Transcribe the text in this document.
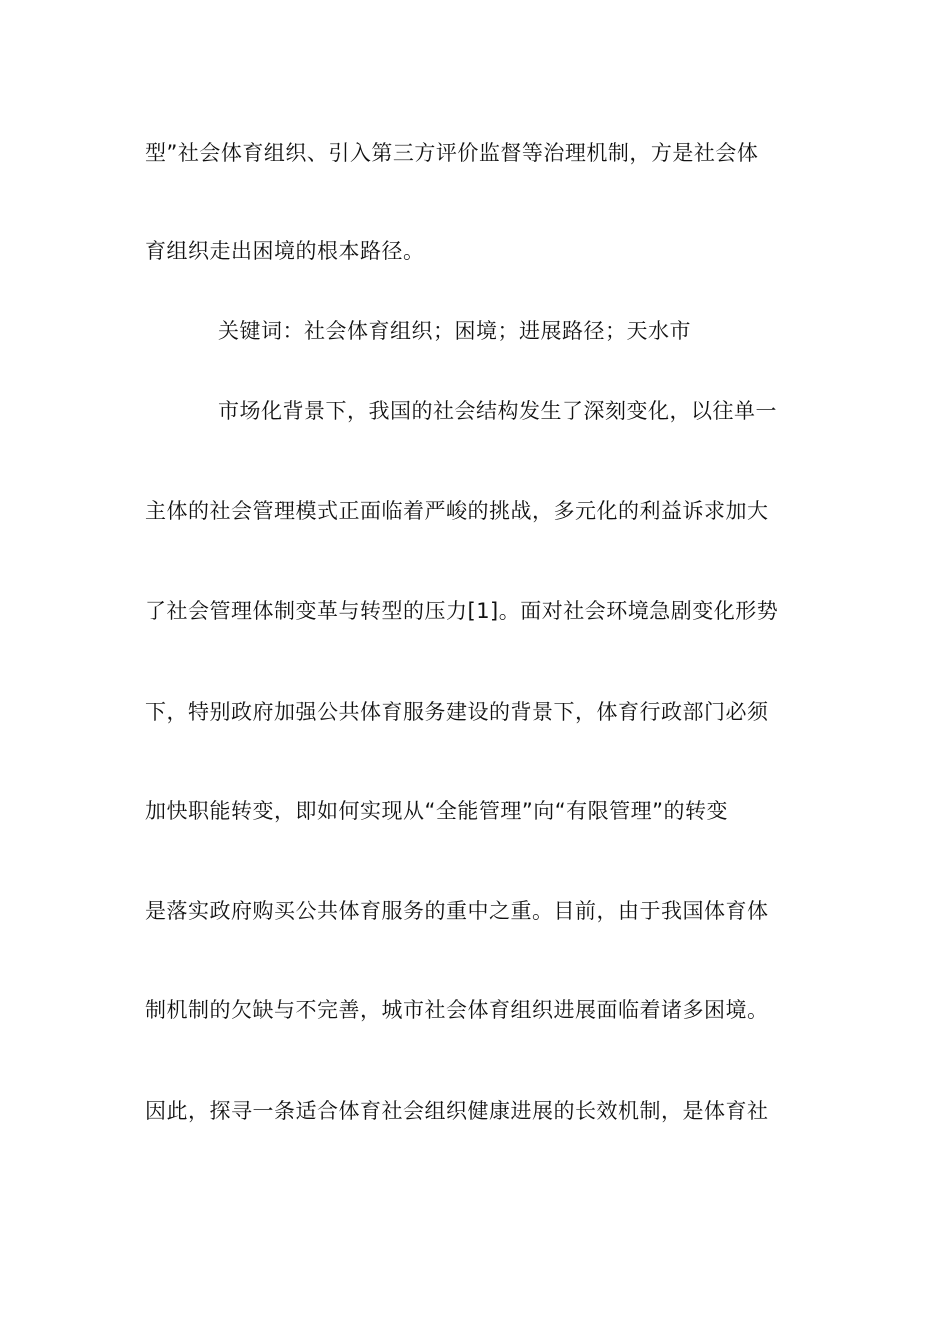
型”社会体育组织、引入第三方评价监督等治理机制，方是社会体
育组织走出困境的根本路径。
关键词：社会体育组织；困境；进展路径；天水市
市场化背景下，我国的社会结构发生了深刻变化，以往单一
主体的社会管理模式正面临着严峻的挑战，多元化的利益诉求加大
了社会管理体制变革与转型的压力[1]。面对社会环境急剧变化形势
下，特别政府加强公共体育服务建设的背景下，体育行政部门必须
加快职能转变，即如何实现从“全能管理”向“有限管理”的转变
是落实政府购买公共体育服务的重中之重。目前，由于我国体育体
制机制的欠缺与不完善，城市社会体育组织进展面临着诸多困境。
因此，探寻一条适合体育社会组织健康进展的长效机制，是体育社
